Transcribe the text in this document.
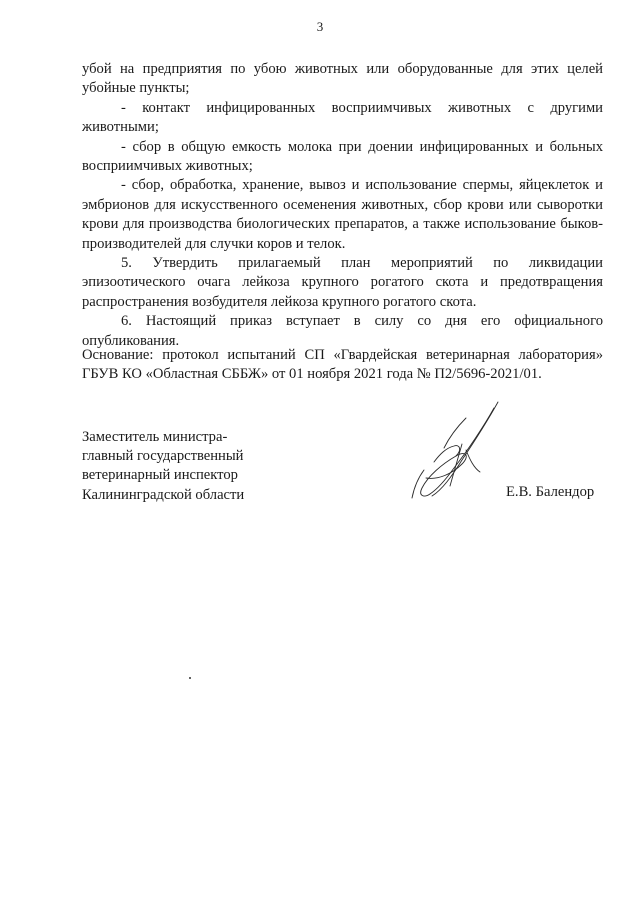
3

убой на предприятия по убою животных или оборудованные для этих целей убойные пункты;

- контакт инфицированных восприимчивых животных с другими животными;

- сбор в общую емкость молока при доении инфицированных и больных восприимчивых животных;

- сбор, обработка, хранение, вывоз и использование спермы, яйцеклеток и эмбрионов для искусственного осеменения животных, сбор крови или сыворотки крови для производства биологических препаратов, а также использование быков-производителей для случки коров и телок.

5. Утвердить прилагаемый план мероприятий по ликвидации эпизоотического очага лейкоза крупного рогатого скота и предотвращения распространения возбудителя лейкоза крупного рогатого скота.

6. Настоящий приказ вступает в силу со дня его официального опубликования.

Основание: протокол испытаний СП «Гвардейская ветеринарная лаборатория» ГБУВ КО «Областная СББЖ» от 01 ноября 2021 года № П2/5696-2021/01.

Заместитель министра-
главный государственный
ветеринарный инспектор
Калининградской области	Е.В. Балендор
